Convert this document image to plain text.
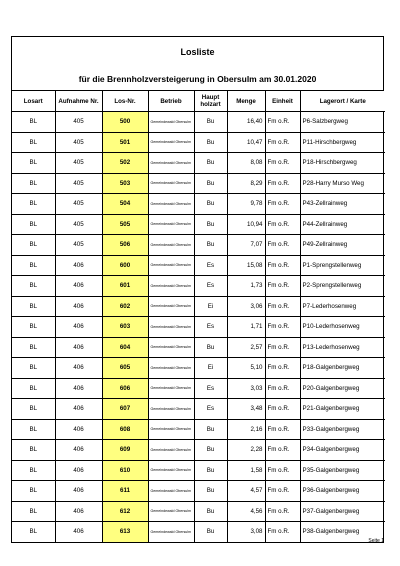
Losliste
für die Brennholzversteigerung in Obersulm am 30.01.2020
Losart	Aufnahme Nr.	Los-Nr.	Betrieb	Haupt holzart	Menge	Einheit	Lagerort / Karte
BL	405	500	Gemeindewald Obersulm	Bu	16,40	Fm o.R.	P6-Salzbergweg
BL	405	501	Gemeindewald Obersulm	Bu	10,47	Fm o.R.	P11-Hirschbergweg
BL	405	502	Gemeindewald Obersulm	Bu	8,08	Fm o.R.	P18-Hirschbergweg
BL	405	503	Gemeindewald Obersulm	Bu	8,29	Fm o.R.	P28-Harry Murso Weg
BL	405	504	Gemeindewald Obersulm	Bu	9,78	Fm o.R.	P43-Zellrainweg
BL	405	505	Gemeindewald Obersulm	Bu	10,94	Fm o.R.	P44-Zellrainweg
BL	405	506	Gemeindewald Obersulm	Bu	7,07	Fm o.R.	P49-Zellrainweg
BL	406	600	Gemeindewald Obersulm	Es	15,08	Fm o.R.	P1-Sprengstellenweg
BL	406	601	Gemeindewald Obersulm	Es	1,73	Fm o.R.	P2-Sprengstellenweg
BL	406	602	Gemeindewald Obersulm	Ei	3,06	Fm o.R.	P7-Lederhosenweg
BL	406	603	Gemeindewald Obersulm	Es	1,71	Fm o.R.	P10-Lederhosenweg
BL	406	604	Gemeindewald Obersulm	Bu	2,57	Fm o.R.	P13-Lederhosenweg
BL	406	605	Gemeindewald Obersulm	Ei	5,10	Fm o.R.	P18-Galgenbergweg
BL	406	606	Gemeindewald Obersulm	Es	3,03	Fm o.R.	P20-Galgenbergweg
BL	406	607	Gemeindewald Obersulm	Es	3,48	Fm o.R.	P21-Galgenbergweg
BL	406	608	Gemeindewald Obersulm	Bu	2,16	Fm o.R.	P33-Galgenbergweg
BL	406	609	Gemeindewald Obersulm	Bu	2,28	Fm o.R.	P34-Galgenbergweg
BL	406	610	Gemeindewald Obersulm	Bu	1,58	Fm o.R.	P35-Galgenbergweg
BL	406	611	Gemeindewald Obersulm	Bu	4,57	Fm o.R.	P36-Galgenbergweg
BL	406	612	Gemeindewald Obersulm	Bu	4,56	Fm o.R.	P37-Galgenbergweg
BL	406	613	Gemeindewald Obersulm	Bu	3,08	Fm o.R.	P38-Galgenbergweg
Seite 1
